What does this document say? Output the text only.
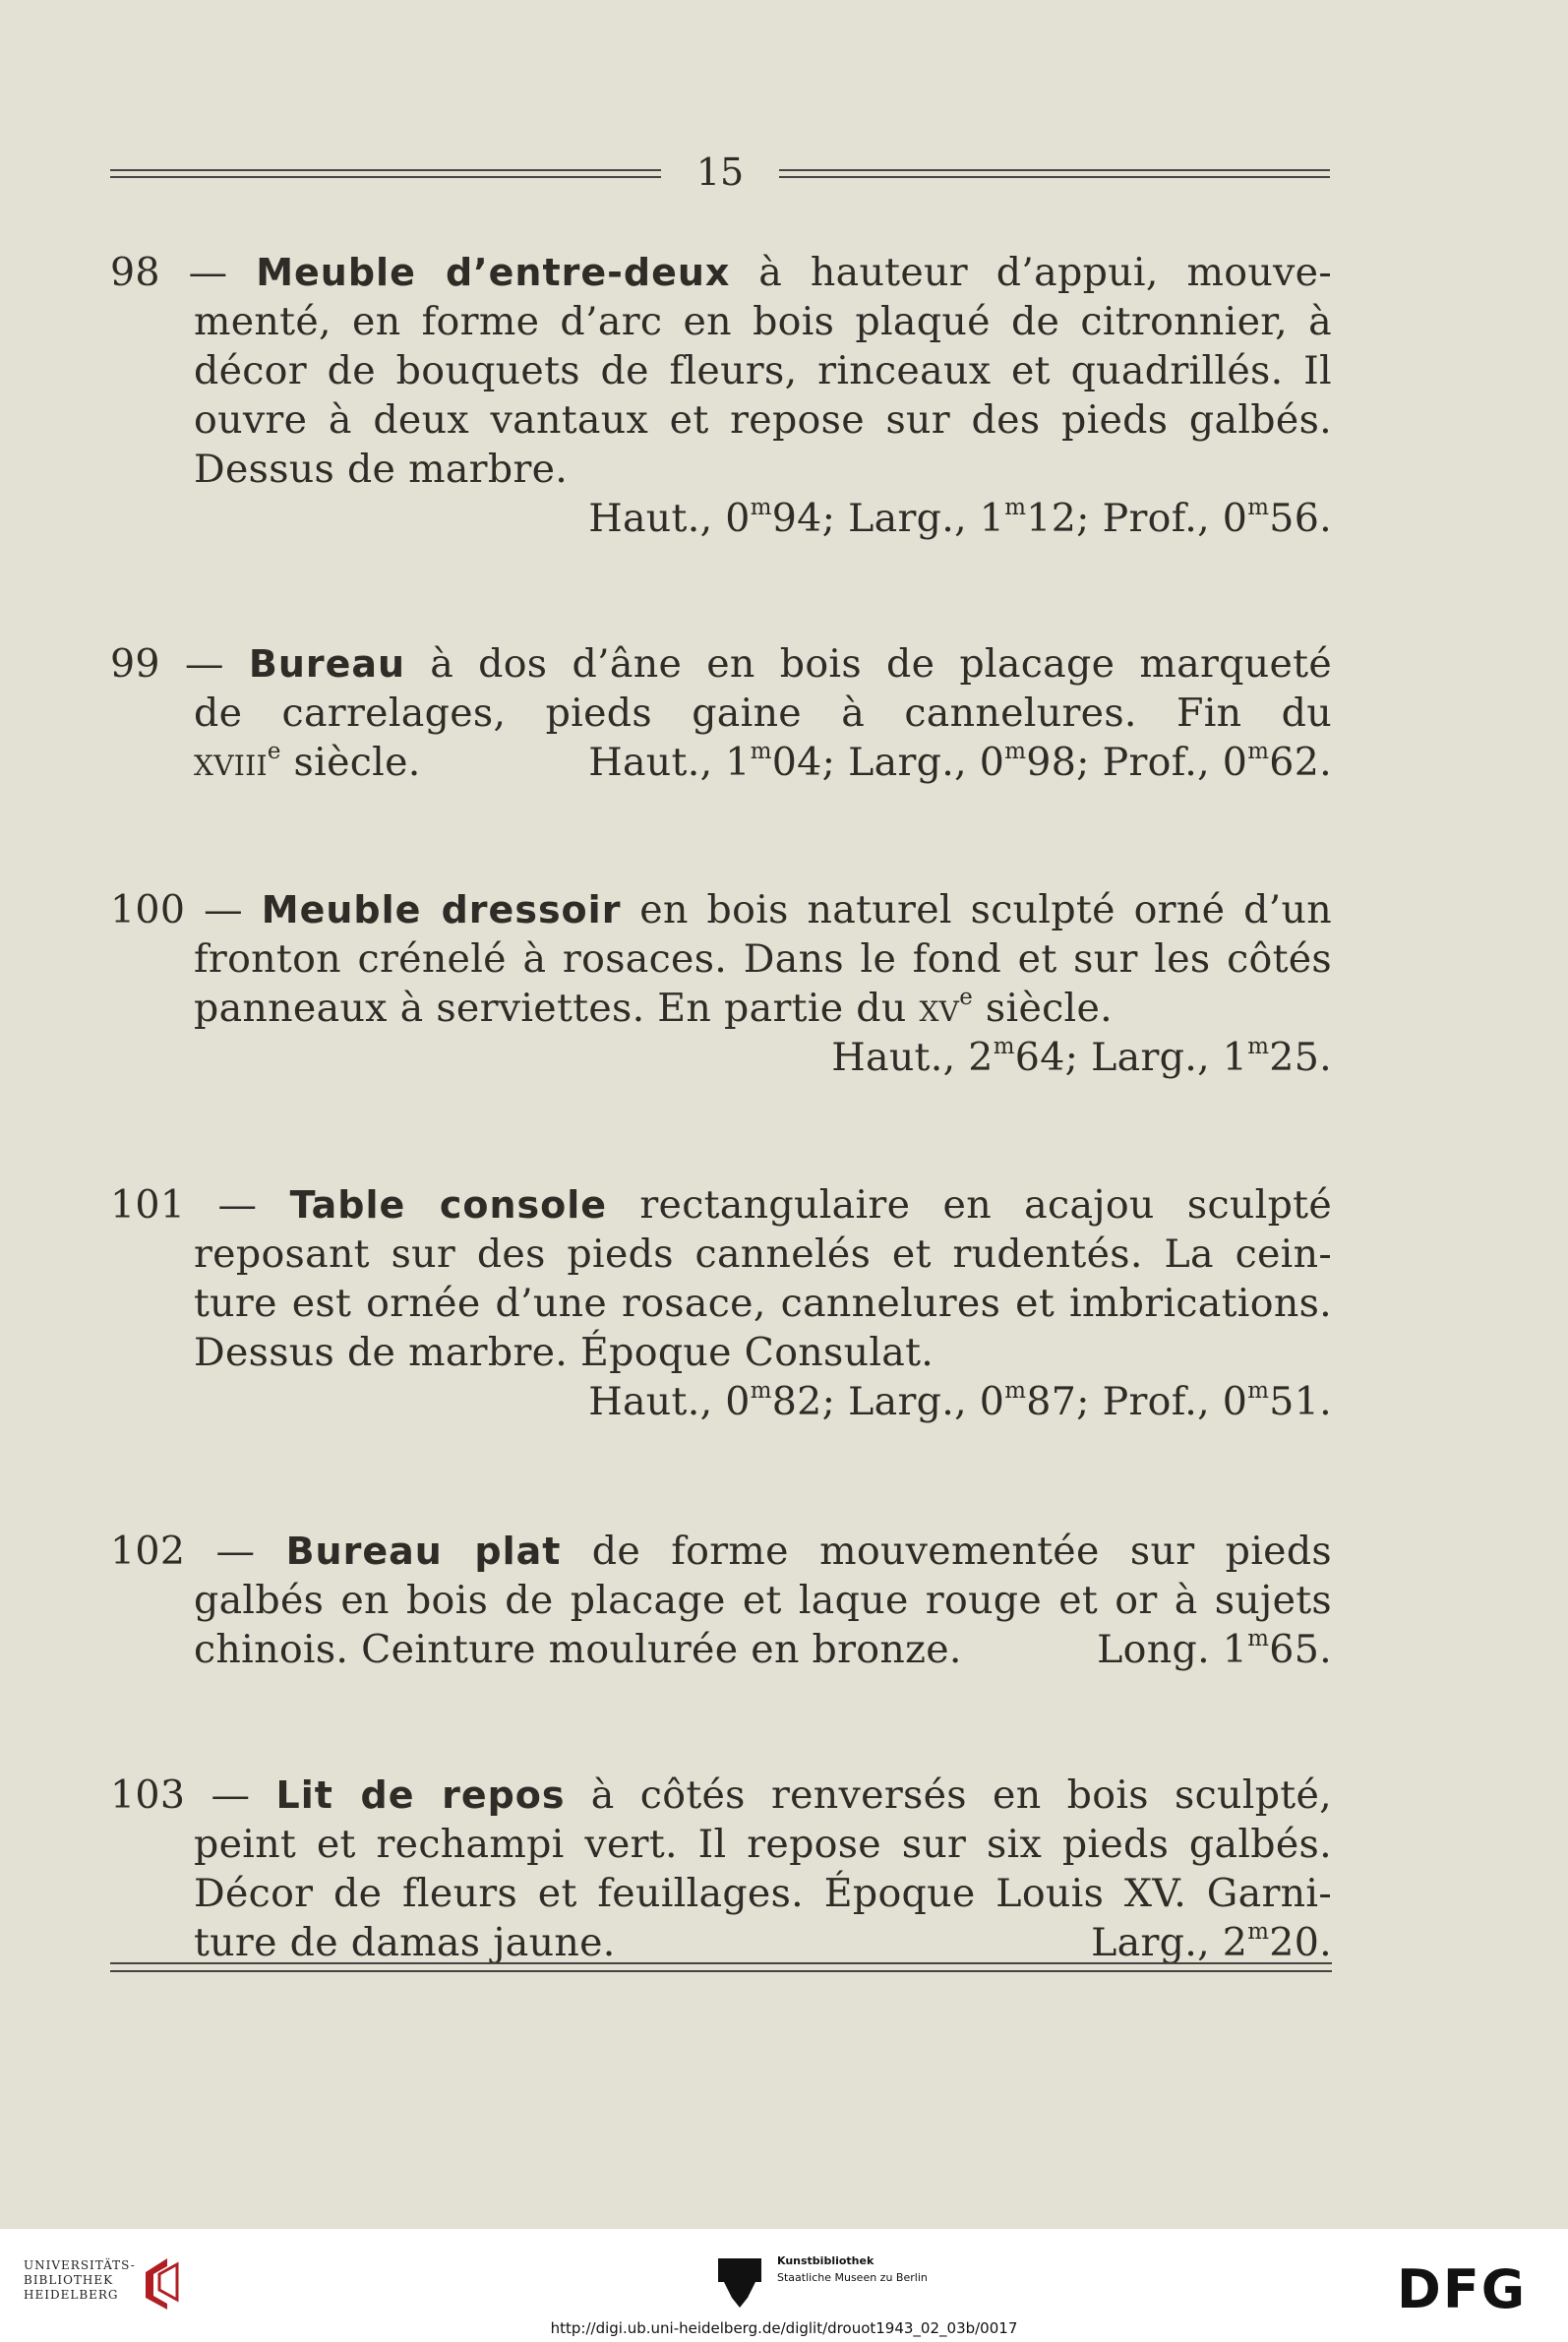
15
98 — Meuble d’entre-deux à hauteur d’appui, mouve-
menté, en forme d’arc en bois plaqué de citronnier, à
décor de bouquets de fleurs, rinceaux et quadrillés. Il
ouvre à deux vantaux et repose sur des pieds galbés.
Dessus de marbre.
Haut., 0$^m$94; Larg., 1$^m$12; Prof., 0$^m$56.
99 — Bureau à dos d’âne en bois de placage marqueté
de carrelages, pieds gaine à cannelures. Fin du
xviii$^e$ siècle.	Haut., 1$^m$04; Larg., 0$^m$98; Prof., 0$^m$62.
100 — Meuble dressoir en bois naturel sculpté orné d’un
fronton crénelé à rosaces. Dans le fond et sur les côtés
panneaux à serviettes. En partie du $xv^e$ siècle.
Haut., 2$^m$64; Larg., 1$^m$25.
101 — Table console rectangulaire en acajou sculpté
reposant sur des pieds cannelés et rudentés. La cein-
ture est ornée d’une rosace, cannelures et imbrications.
Dessus de marbre. Époque Consulat.
Haut., 0$^m$82; Larg., 0$^m$87; Prof., 0$^m$51.
102 — Bureau plat de forme mouvementée sur pieds
galbés en bois de placage et laque rouge et or à sujets
chinois. Ceinture moulurée en bronze.	Long. 1$^m$65.
103 — Lit de repos à côtés renversés en bois sculpté,
peint et rechampi vert. Il repose sur six pieds galbés.
Décor de fleurs et feuillages. Époque Louis XV. Garni-
ture de damas jaune.	Larg., 2$^m$20.
UNIVERSITÄTS-
BIBLIOTHEK
HEIDELBERG
Kunstbibliothek
Staatliche Museen zu Berlin	DFG
http://digi.ub.uni-heidelberg.de/diglit/drouot1943_02_03b/0017
